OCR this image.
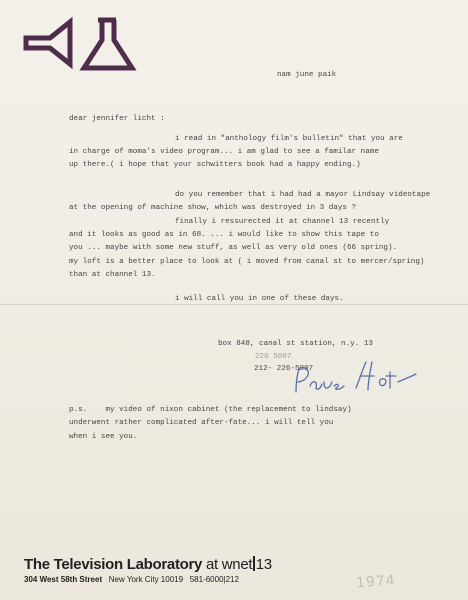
nam june paik
dear jennifer licht :
i read in "anthology film's bulletin" that you are
in charge of moma's video program... i am glad to see a familar name
up there.( i hope that your schwitters book had a happy ending.)
do you remember that i had had a mayor Lindsay videotape
at the opening of machine show, which was destroyed in 3 days ?
finally i ressurected it at channel 13 recently
and it looks as good as in 68. ... i would like to show this tape to
you ... maybe with some new stuff, as well as very old ones (66 spring).
my loft is a better place to look at ( i moved from canal st to mercer/spring)
than at channel 13.
i will call you in one of these days.
box 848, canal st station, n.y. 13
226 5007
212- 226-5007
p.s.    my video of nixon cabinet (the replacement to lindsay)
underwent rather complicated after-fate... i will tell you
when i see you.
The Television Laboratory at wnet 13
304 West 58th Street New York City 10019 581-6000|212	1974
